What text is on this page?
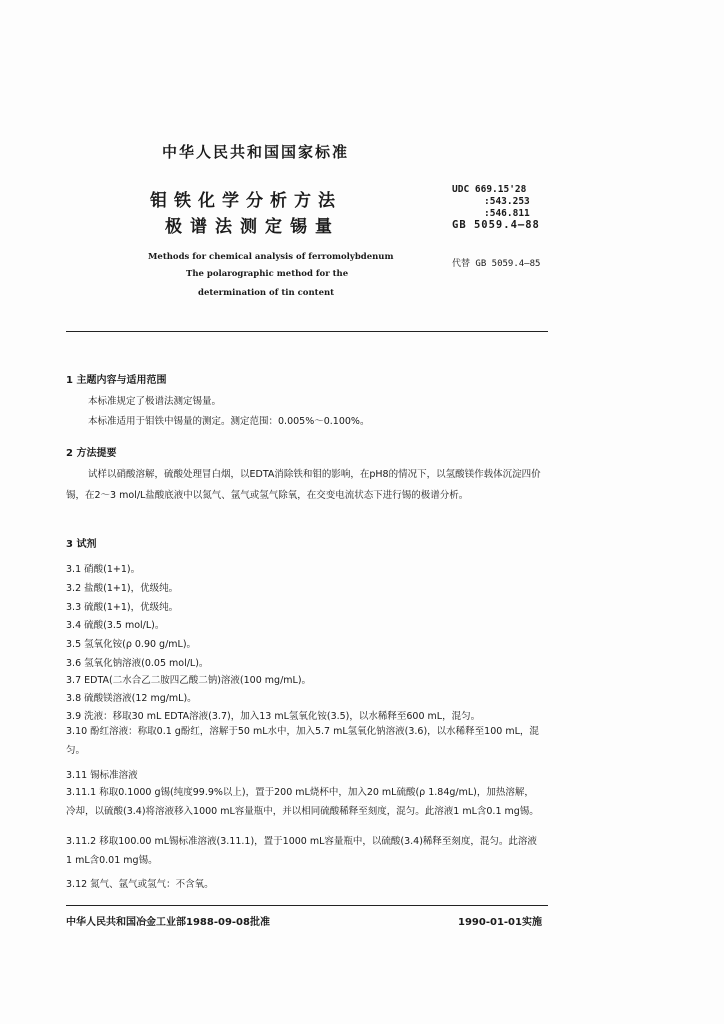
中华人民共和国国家标准
钼铁化学分析方法
极谱法测定锡量
Methods for chemical analysis of ferromolybdenum
The polarographic method for the
determination of tin content
UDC 669.15'28
:543.253
:546.811
GB 5059.4—88
代替 GB 5059.4—85
1 主题内容与适用范围
本标准规定了极谱法测定锡量。
本标准适用于钼铁中锡量的测定。测定范围：0.005%～0.100%。
2 方法提要
试样以硝酸溶解，硫酸处理冒白烟，以EDTA消除铁和钼的影响，在pH8的情况下，以氢酸镁作载体沉淀四价锡，在2～3 mol/L盐酸底液中以氮气、氩气或氢气除氧，在交变电流状态下进行锡的极谱分析。
3 试剂
3.1 硝酸(1+1)。
3.2 盐酸(1+1)，优级纯。
3.3 硫酸(1+1)，优级纯。
3.4 硫酸(3.5 mol/L)。
3.5 氢氧化铵(ρ 0.90 g/mL)。
3.6 氢氧化钠溶液(0.05 mol/L)。
3.7 EDTA(二水合乙二胺四乙酸二钠)溶液(100 mg/mL)。
3.8 硫酸镁溶液(12 mg/mL)。
3.9 洗液：移取30 mL EDTA溶液(3.7)，加入13 mL氢氧化铵(3.5)，以水稀释至600 mL，混匀。
3.10 酚红溶液：称取0.1 g酚红，溶解于50 mL水中，加入5.7 mL氢氧化钠溶液(3.6)，以水稀释至100 mL，混匀。
3.11 锡标准溶液
3.11.1 称取0.1000 g锡(纯度99.9%以上)，置于200 mL烧杯中，加入20 mL硫酸(ρ 1.84g/mL)，加热溶解，冷却，以硫酸(3.4)将溶液移入1000 mL容量瓶中，并以相同硫酸稀释至刻度，混匀。此溶液1 mL含0.1 mg锡。
3.11.2 移取100.00 mL锡标准溶液(3.11.1)，置于1000 mL容量瓶中，以硫酸(3.4)稀释至刻度，混匀。此溶液1 mL含0.01 mg锡。
3.12 氮气、氩气或氢气：不含氧。
中华人民共和国冶金工业部1988-09-08批准	1990-01-01实施
